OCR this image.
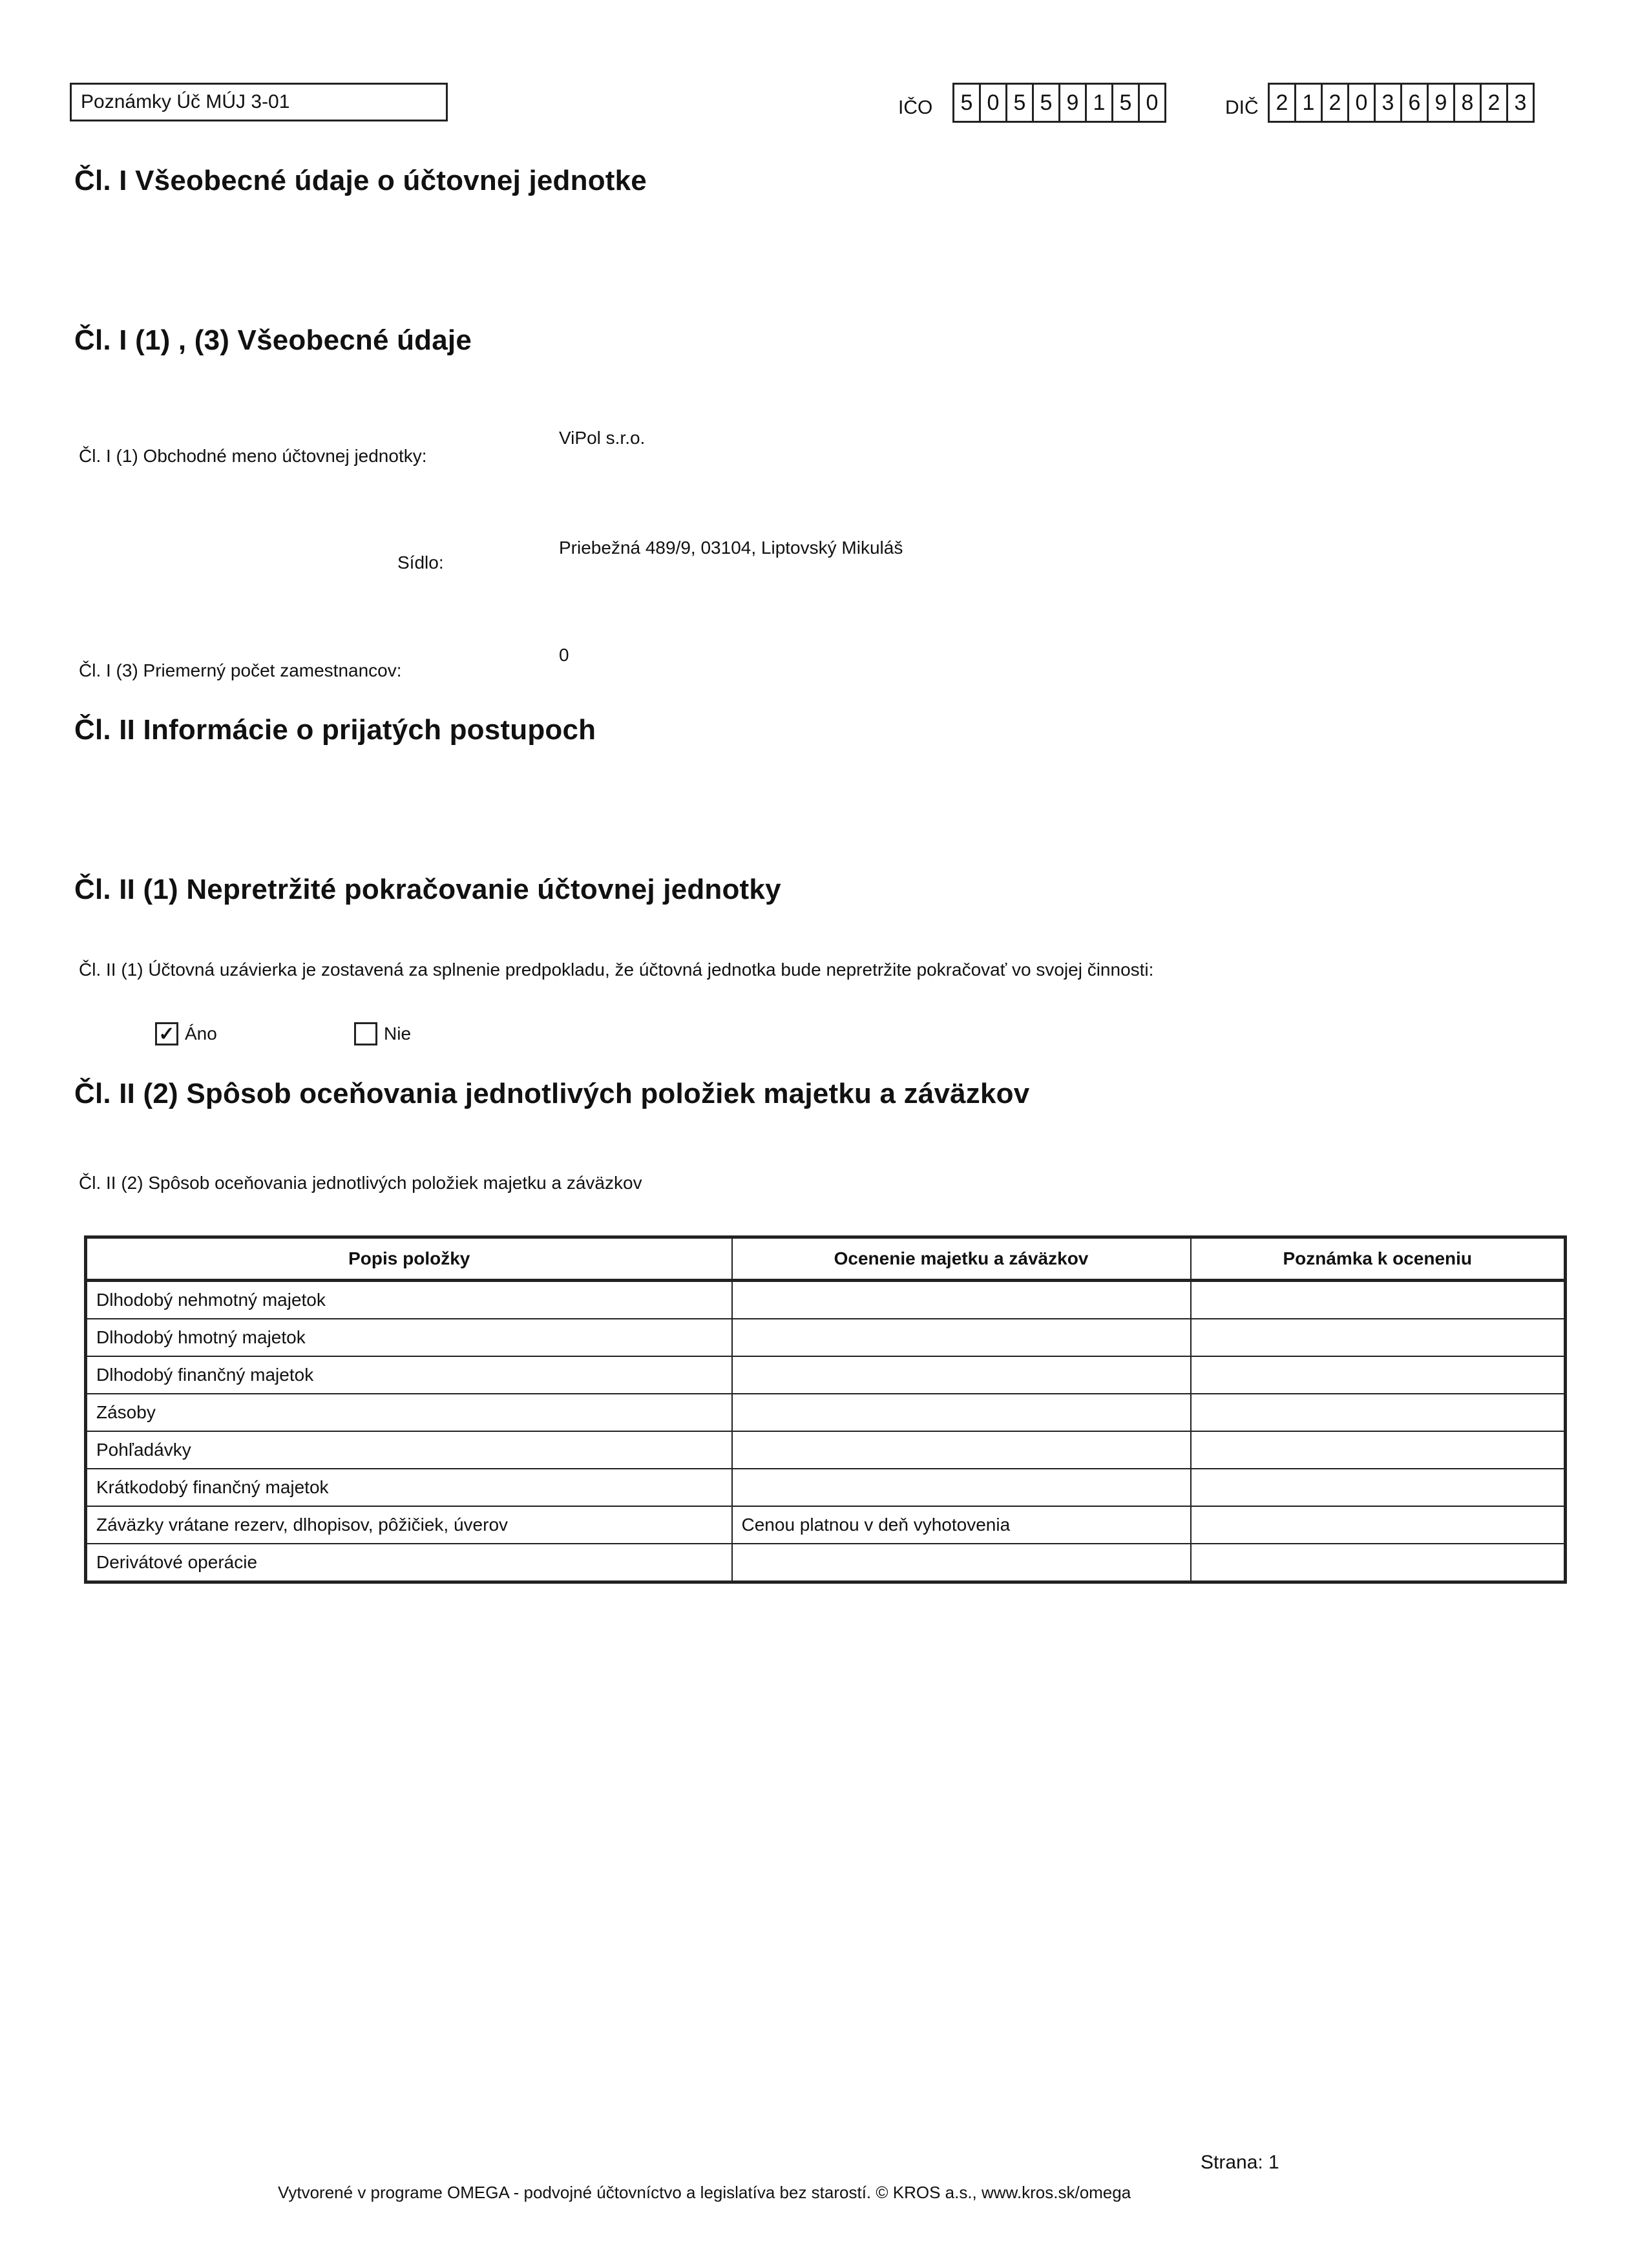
Poznámky Úč MÚJ 3-01	IČO	5 0 5 5 9 1 5 0	DIČ 2 1 2 0 3 6 9 8 2 3
Čl. I Všeobecné údaje o účtovnej jednotke
Čl. I (1) , (3) Všeobecné údaje
Čl. I (1) Obchodné meno účtovnej jednotky:
ViPol s.r.o.
Sídlo:
Priebežná 489/9, 03104, Liptovský Mikuláš
Čl. I (3) Priemerný počet zamestnancov:
0
Čl. II Informácie o prijatých postupoch
Čl. II (1) Nepretržité pokračovanie účtovnej jednotky
Čl. II (1) Účtovná uzávierka je zostavená za splnenie predpokladu, že účtovná jednotka bude nepretržite pokračovať vo svojej činnosti:
✓ Áno	Nie
Čl. II (2) Spôsob oceňovania jednotlivých položiek majetku a záväzkov
Čl. II (2) Spôsob oceňovania jednotlivých položiek majetku a záväzkov
Popis položky	Ocenenie majetku a záväzkov	Poznámka k oceneniu
Dlhodobý nehmotný majetok		
Dlhodobý hmotný majetok		
Dlhodobý finančný majetok		
Zásoby		
Pohľadávky		
Krátkodobý finančný majetok		
Záväzky vrátane rezerv, dlhopisov, pôžičiek, úverov	Cenou platnou v deň vyhotovenia	
Derivátové operácie		
Strana: 1
Vytvorené v programe OMEGA - podvojné účtovníctvo a legislatíva bez starostí. © KROS a.s., www.kros.sk/omega
